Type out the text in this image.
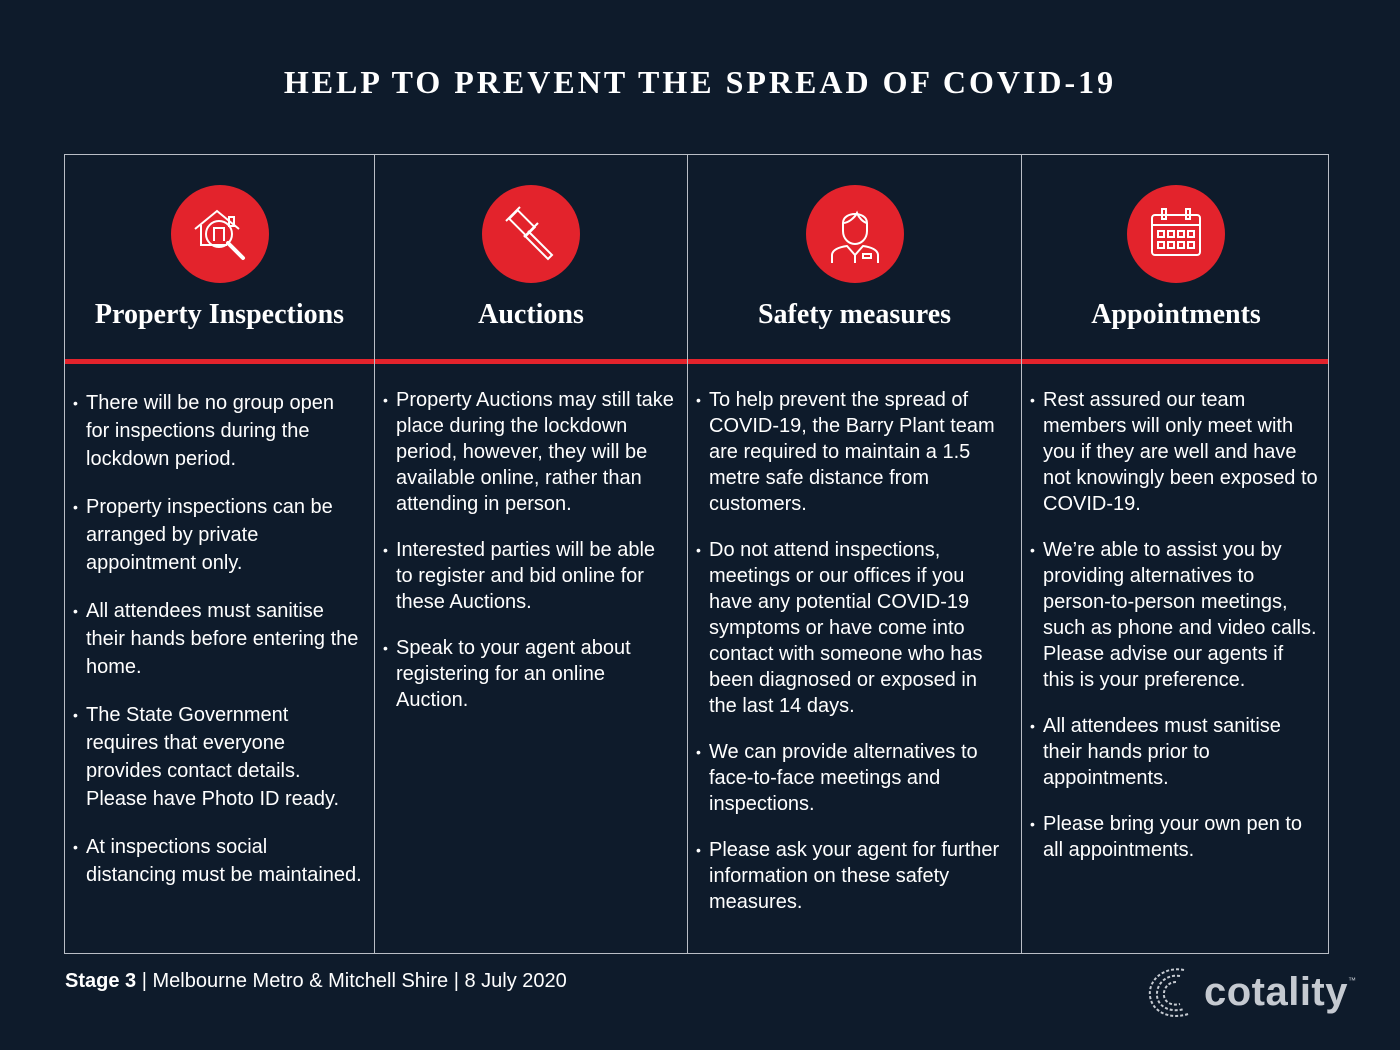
HELP TO PREVENT THE SPREAD OF COVID-19
Property Inspections
• There will be no group open for inspections during the lockdown period.
• Property inspections can be arranged by private appointment only.
• All attendees must sanitise their hands before entering the home.
• The State Government requires that everyone provides contact details. Please have Photo ID ready.
• At inspections social distancing must be maintained.
Auctions
• Property Auctions may still take place during the lockdown period, however, they will be available online, rather than attending in person.
• Interested parties will be able to register and bid online for these Auctions.
• Speak to your agent about registering for an online Auction.
Safety measures
• To help prevent the spread of COVID-19, the Barry Plant team are required to maintain a 1.5 metre safe distance from customers.
• Do not attend inspections, meetings or our offices if you have any potential COVID-19 symptoms or have come into contact with someone who has been diagnosed or exposed in the last 14 days.
• We can provide alternatives to face-to-face meetings and inspections.
• Please ask your agent for further information on these safety measures.
Appointments
• Rest assured our team members will only meet with you if they are well and have not knowingly been exposed to COVID-19.
• We’re able to assist you by providing alternatives to person-to-person meetings, such as phone and video calls. Please advise our agents if this is your preference.
• All attendees must sanitise their hands prior to appointments.
• Please bring your own pen to all appointments.
Stage 3 | Melbourne Metro & Mitchell Shire | 8 July 2020	cotality ™
